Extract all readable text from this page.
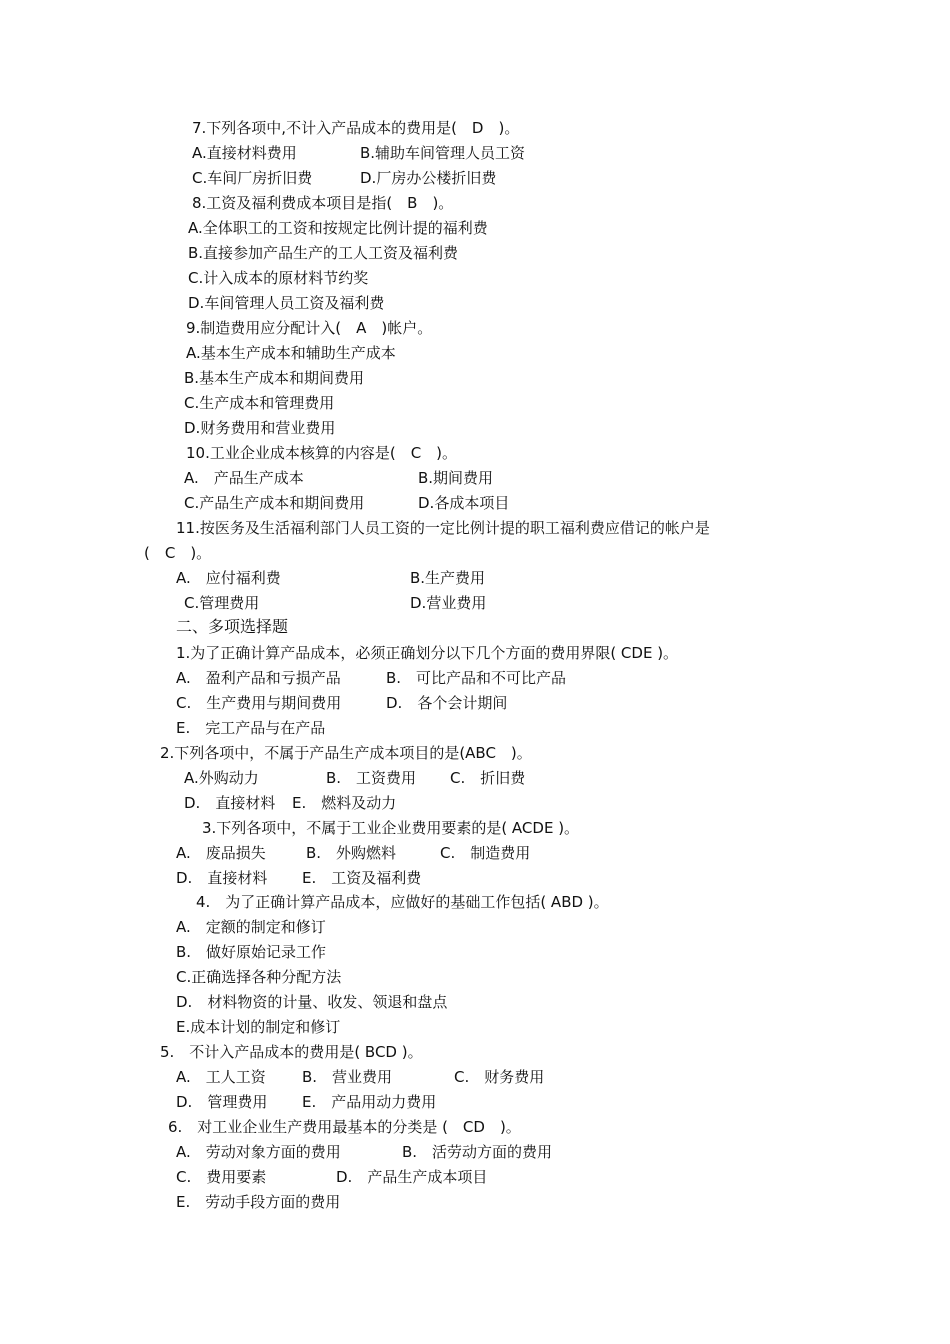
7.下列各项中,不计入产品成本的费用是(　D　)。

A.直接材料费用

	B.辅助车间管理人员工资

C.车间厂房折旧费

	D.厂房办公楼折旧费

8.工资及福利费成本项目是指(　B　)。
A.全体职工的工资和按规定比例计提的福利费
B.直接参加产品生产的工人工资及福利费
C.计入成本的原材料节约奖
D.车间管理人员工资及福利费
9.制造费用应分配计入(　A　)帐户。
A.基本生产成本和辅助生产成本
B.基本生产成本和期间费用
C.生产成本和管理费用
D.财务费用和营业费用
10.工业企业成本核算的内容是(　C　)。

A.　产品生产成本

	B.期间费用

C.产品生产成本和期间费用

	D.各成本项目

11.按医务及生活福利部门人员工资的一定比例计提的职工福利费应借记的帐户是
(　C　)。

A.　应付福利费

	B.生产费用

C.管理费用

	D.营业费用

二、多项选择题
1.为了正确计算产品成本，必须正确划分以下几个方面的费用界限( CDE )。

A.　盈利产品和亏损产品

	B.　可比产品和不可比产品

C.　生产费用与期间费用

	D.　各个会计期间

E.　完工产品与在产品
2.下列各项中，不属于产品生产成本项目的是(ABC　)。

A.外购动力

	B.　工资费用

C.　折旧费

D.　直接材料

E.　燃料及动力

3.下列各项中，不属于工业企业费用要素的是( ACDE )。

A.　废品损失

	B.　外购燃料

	C.　制造费用

D.　直接材料

E.　工资及福利费

4.　为了正确计算产品成本，应做好的基础工作包括( ABD )。
A.　定额的制定和修订
B.　做好原始记录工作
C.正确选择各种分配方法
D.　材料物资的计量、收发、领退和盘点
E.成本计划的制定和修订
5.　不计入产品成本的费用是( BCD )。

A.　工人工资

B.　营业费用

	C.　财务费用

D.　管理费用

E.　产品用动力费用

6.　对工业企业生产费用最基本的分类是 (　CD　)。

A.　劳动对象方面的费用

	B.　活劳动方面的费用

C.　费用要素

	D.　产品生产成本项目

E.　劳动手段方面的费用
